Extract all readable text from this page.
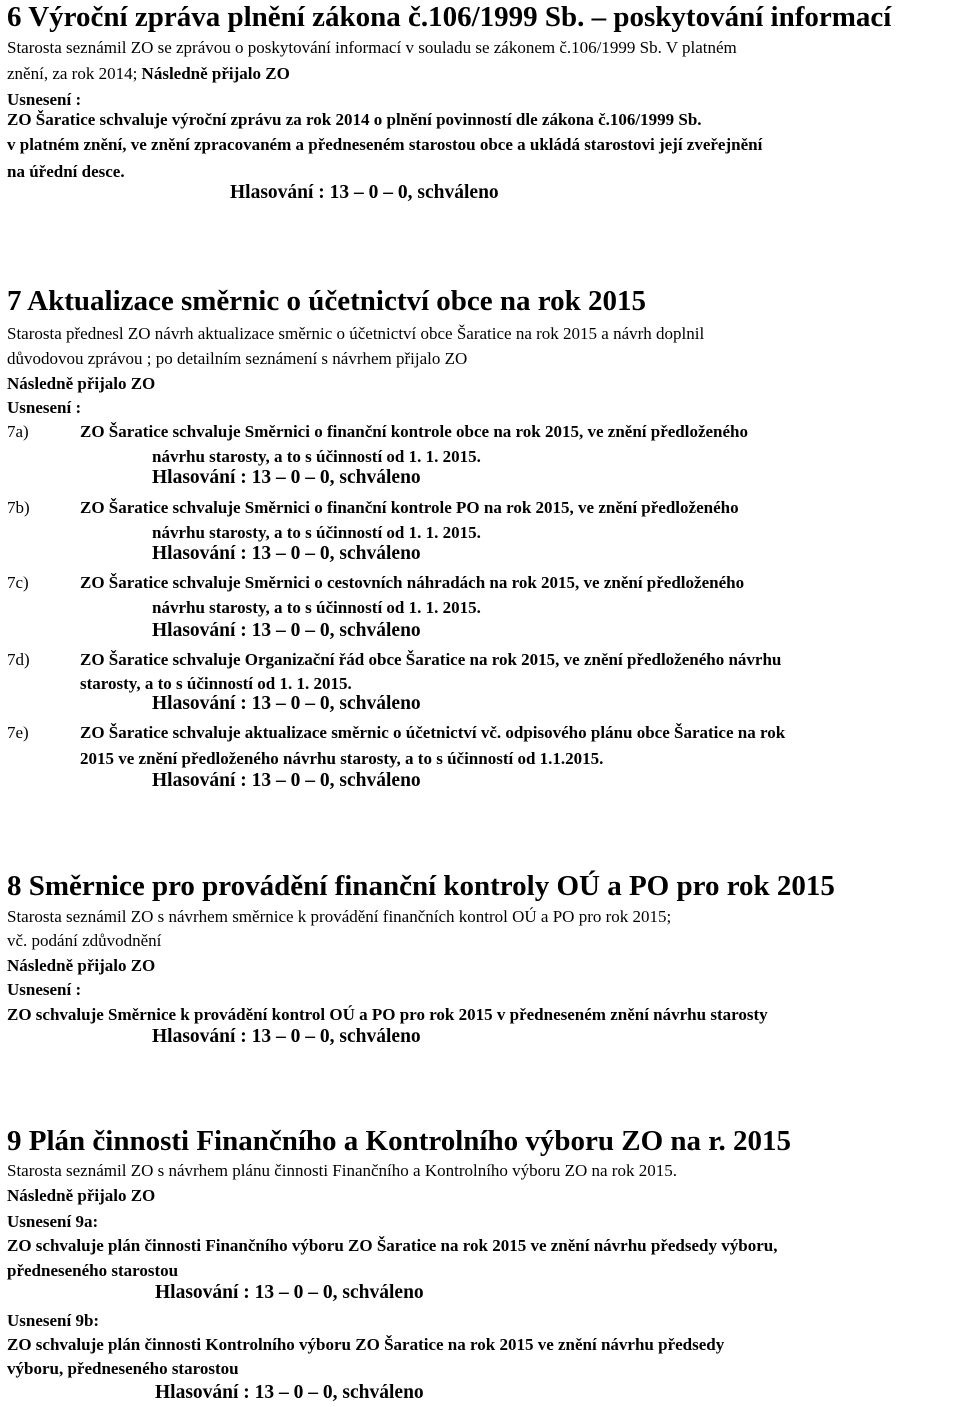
6 Výroční zpráva plnění zákona č.106/1999 Sb. – poskytování informací
Starosta seznámil ZO se zprávou o poskytování informací v souladu se zákonem č.106/1999 Sb. V platném
znění, za rok 2014; Následně přijalo ZO
Usnesení :
ZO Šaratice schvaluje výroční zprávu za rok 2014 o plnění povinností dle zákona č.106/1999 Sb.
v platném znění, ve znění zpracovaném a předneseném starostou obce a ukládá starostovi její zveřejnění
na úřední desce.
Hlasování : 13 – 0 – 0, schváleno
7 Aktualizace směrnic o účetnictví obce na rok 2015
Starosta přednesl ZO návrh aktualizace směrnic o účetnictví obce Šaratice na rok 2015 a návrh doplnil
důvodovou zprávou ; po detailním seznámení s návrhem přijalo ZO
Následně přijalo ZO
Usnesení :
7a)	ZO Šaratice schvaluje Směrnici o finanční kontrole obce na rok 2015, ve znění předloženého
návrhu starosty, a to s účinností od 1. 1. 2015.
Hlasování : 13 – 0 – 0, schváleno
7b)	ZO Šaratice schvaluje Směrnici o finanční kontrole PO na rok 2015, ve znění předloženého
návrhu starosty, a to s účinností od 1. 1. 2015.
Hlasování : 13 – 0 – 0, schváleno
7c)	ZO Šaratice schvaluje Směrnici o cestovních náhradách na rok 2015, ve znění předloženého
návrhu starosty, a to s účinností od 1. 1. 2015.
Hlasování : 13 – 0 – 0, schváleno
7d)	ZO Šaratice schvaluje Organizační řád obce Šaratice na rok 2015, ve znění předloženého návrhu
starosty, a to s účinností od 1. 1. 2015.
Hlasování : 13 – 0 – 0, schváleno
7e)	ZO Šaratice schvaluje aktualizace směrnic o účetnictví vč. odpisového plánu obce Šaratice na rok
2015 ve znění předloženého návrhu starosty, a to s účinností od 1.1.2015.
Hlasování : 13 – 0 – 0, schváleno
8 Směrnice pro provádění finanční kontroly OÚ a PO pro rok 2015
Starosta seznámil ZO s návrhem směrnice k provádění finančních kontrol OÚ a PO pro rok 2015;
vč. podání zdůvodnění
Následně přijalo ZO
Usnesení :
ZO schvaluje Směrnice k provádění kontrol OÚ a PO pro rok 2015 v předneseném znění návrhu starosty
Hlasování : 13 – 0 – 0, schváleno
9 Plán činnosti Finančního a Kontrolního výboru ZO na r. 2015
Starosta seznámil ZO s návrhem plánu činnosti Finančního a Kontrolního výboru ZO na rok 2015.
Následně přijalo ZO
Usnesení 9a:
ZO schvaluje plán činnosti Finančního výboru ZO Šaratice na rok 2015 ve znění návrhu předsedy výboru,
předneseného starostou
Hlasování : 13 – 0 – 0, schváleno
Usnesení 9b:
ZO schvaluje plán činnosti Kontrolního výboru ZO Šaratice na rok 2015 ve znění návrhu předsedy
výboru, předneseného starostou
Hlasování : 13 – 0 – 0, schváleno
